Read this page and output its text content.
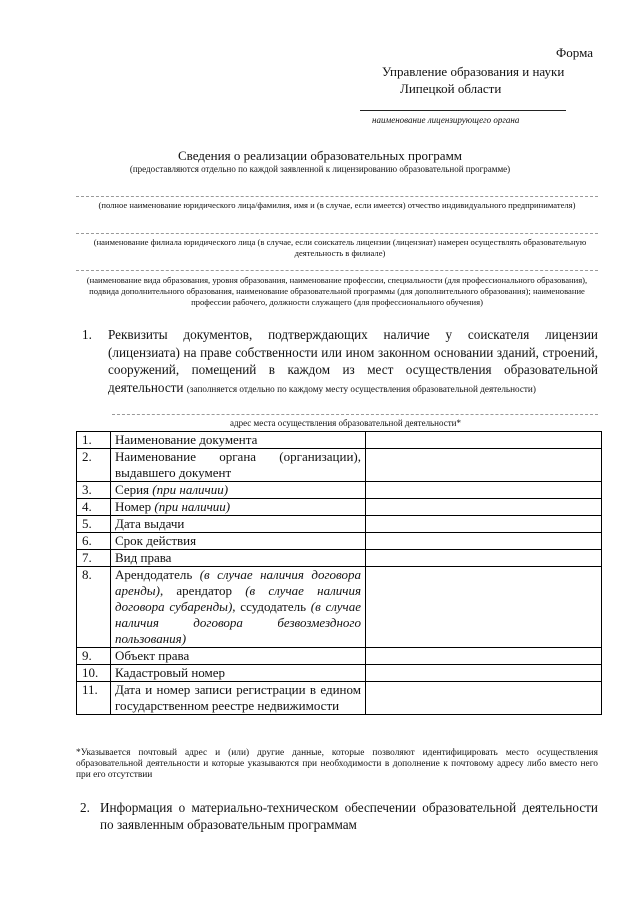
Форма
Управление образования и науки
Липецкой области
наименование лицензирующего органа
Сведения о реализации образовательных программ
(предоставляются отдельно по каждой заявленной к лицензированию образовательной программе)
(полное наименование юридического лица/фамилия, имя и (в случае, если имеется) отчество индивидуального предпринимателя)
(наименование филиала юридического лица (в случае, если соискатель лицензии (лицензиат) намерен осуществлять образовательную деятельность в филиале)
(наименование вида образования, уровня образования, наименование профессии, специальности (для профессионального образования), подвида дополнительного образования, наименование образовательной программы (для дополнительного образования); наименование профессии рабочего, должности служащего (для профессионального обучения)
1. Реквизиты документов, подтверждающих наличие у соискателя лицензии (лицензиата) на праве собственности или ином законном основании зданий, строений, сооружений, помещений в каждом из мест осуществления образовательной деятельности (заполняется отдельно по каждому месту осуществления образовательной деятельности)
адрес места осуществления образовательной деятельности*
1.	Наименование документа	
2.	Наименование органа (организации), выдавшего документ	
3.	Серия (при наличии)	
4.	Номер (при наличии)	
5.	Дата выдачи	
6.	Срок действия	
7.	Вид права	
8.	Арендодатель (в случае наличия договора аренды), арендатор (в случае наличия договора субаренды), ссудодатель (в случае наличия договора безвозмездного пользования)	
9.	Объект права	
10.	Кадастровый номер	
11.	Дата и номер записи регистрации в едином государственном реестре недвижимости	
*Указывается почтовый адрес и (или) другие данные, которые позволяют идентифицировать место осуществления образовательной деятельности и которые указываются при необходимости в дополнение к почтовому адресу либо вместо него при его отсутствии
2. Информация о материально-техническом обеспечении образовательной деятельности по заявленным образовательным программам
